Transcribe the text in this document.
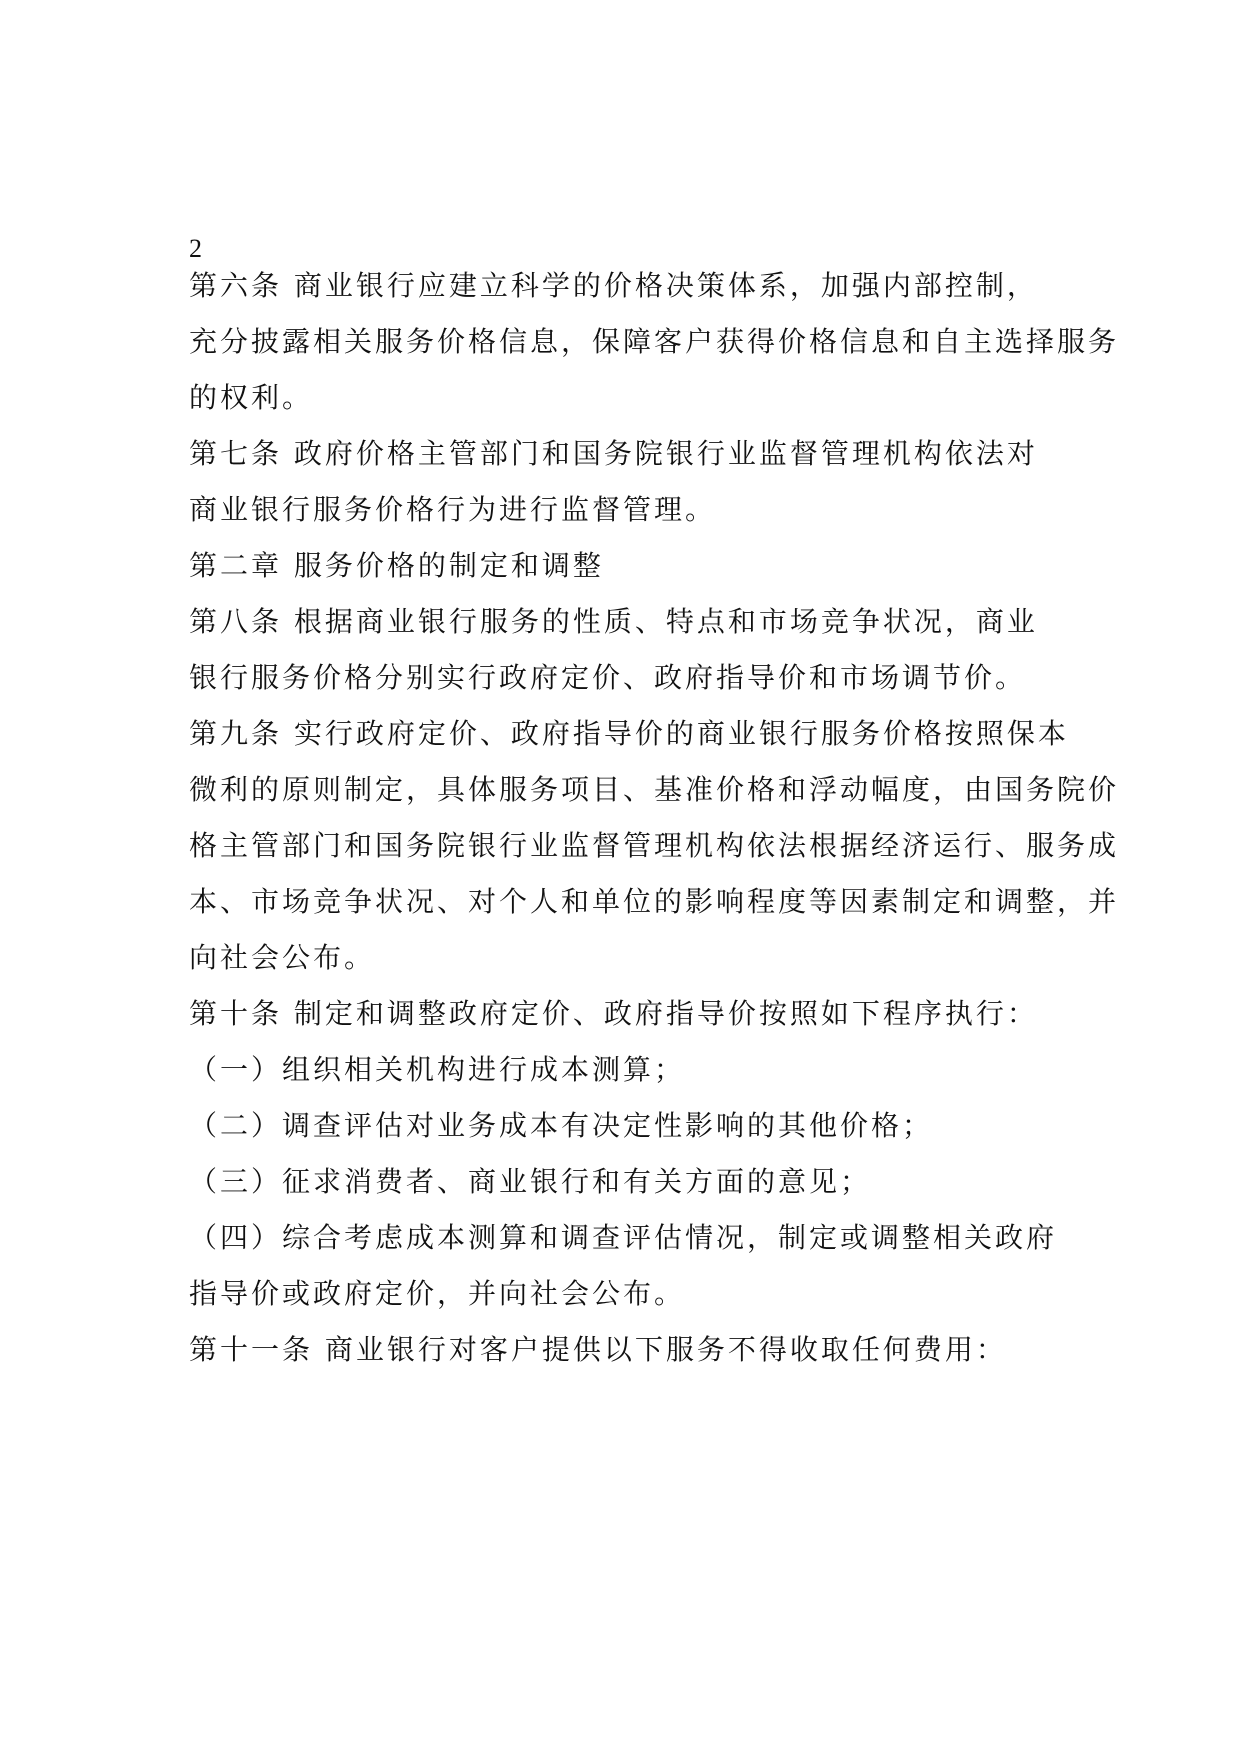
2
第六条 商业银行应建立科学的价格决策体系，加强内部控制，
充分披露相关服务价格信息，保障客户获得价格信息和自主选择服务
的权利。
第七条 政府价格主管部门和国务院银行业监督管理机构依法对
商业银行服务价格行为进行监督管理。
第二章 服务价格的制定和调整
第八条 根据商业银行服务的性质、特点和市场竞争状况，商业
银行服务价格分别实行政府定价、政府指导价和市场调节价。
第九条 实行政府定价、政府指导价的商业银行服务价格按照保本
微利的原则制定，具体服务项目、基准价格和浮动幅度，由国务院价
格主管部门和国务院银行业监督管理机构依法根据经济运行、服务成
本、市场竞争状况、对个人和单位的影响程度等因素制定和调整，并
向社会公布。
第十条 制定和调整政府定价、政府指导价按照如下程序执行：
（一）组织相关机构进行成本测算；
（二）调查评估对业务成本有决定性影响的其他价格；
（三）征求消费者、商业银行和有关方面的意见；
（四）综合考虑成本测算和调查评估情况，制定或调整相关政府
指导价或政府定价，并向社会公布。
第十一条 商业银行对客户提供以下服务不得收取任何费用：
